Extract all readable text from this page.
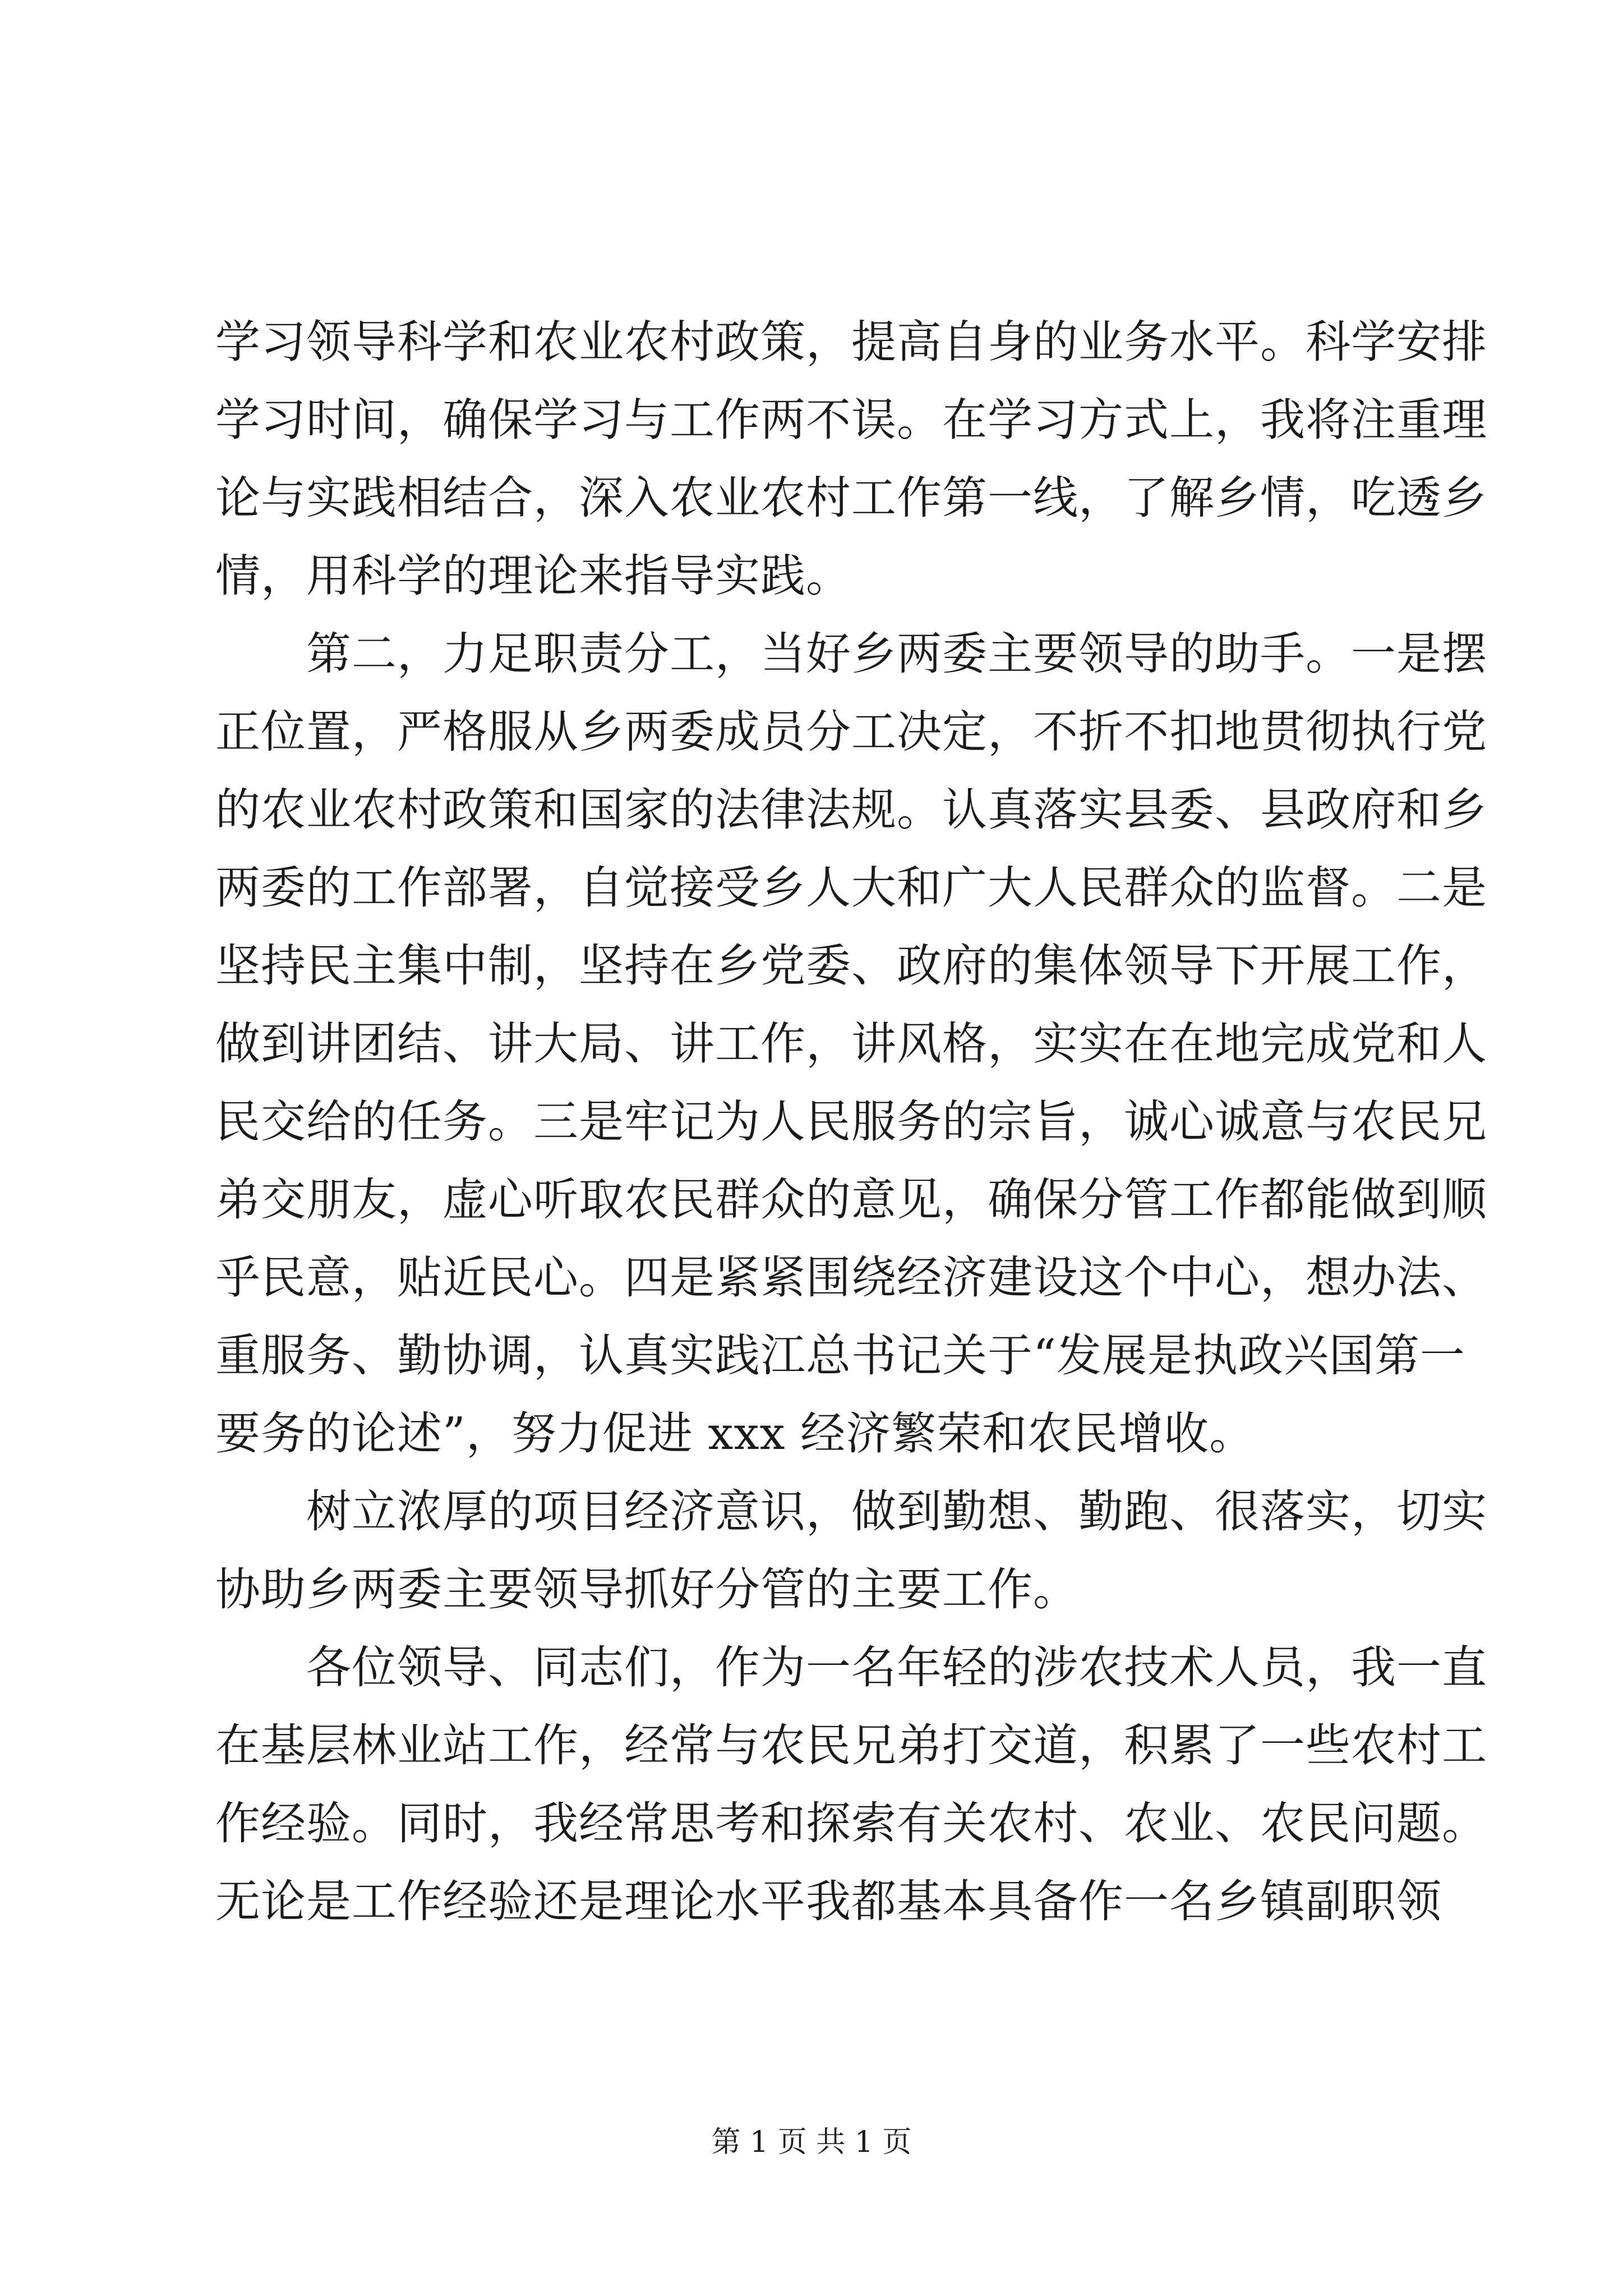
学习领导科学和农业农村政策，提高自身的业务水平。科学安排
学习时间，确保学习与工作两不误。在学习方式上，我将注重理
论与实践相结合，深入农业农村工作第一线，了解乡情，吃透乡
情，用科学的理论来指导实践。
　　第二，力足职责分工，当好乡两委主要领导的助手。一是摆
正位置，严格服从乡两委成员分工决定，不折不扣地贯彻执行党
的农业农村政策和国家的法律法规。认真落实县委、县政府和乡
两委的工作部署，自觉接受乡人大和广大人民群众的监督。二是
坚持民主集中制，坚持在乡党委、政府的集体领导下开展工作，
做到讲团结、讲大局、讲工作，讲风格，实实在在地完成党和人
民交给的任务。三是牢记为人民服务的宗旨，诚心诚意与农民兄
弟交朋友，虚心听取农民群众的意见，确保分管工作都能做到顺
乎民意，贴近民心。四是紧紧围绕经济建设这个中心，想办法、
重服务、勤协调，认真实践江总书记关于“发展是执政兴国第一
要务的论述”，努力促进 xxx 经济繁荣和农民增收。
　　树立浓厚的项目经济意识，做到勤想、勤跑、很落实，切实
协助乡两委主要领导抓好分管的主要工作。
　　各位领导、同志们，作为一名年轻的涉农技术人员，我一直
在基层林业站工作，经常与农民兄弟打交道，积累了一些农村工
作经验。同时，我经常思考和探索有关农村、农业、农民问题。
无论是工作经验还是理论水平我都基本具备作一名乡镇副职领
第 1 页 共 1 页
